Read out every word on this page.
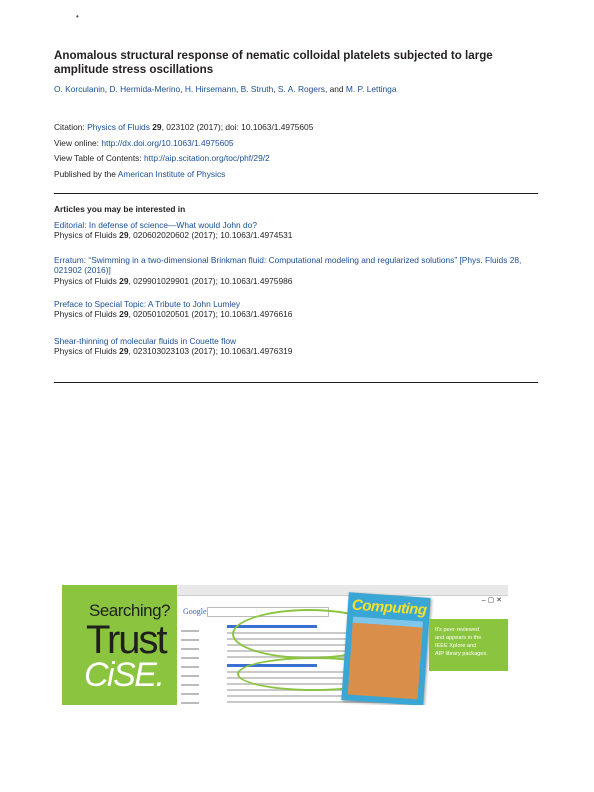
•
Anomalous structural response of nematic colloidal platelets subjected to large amplitude stress oscillations
O. Korculanin, D. Hermida-Merino, H. Hirsemann, B. Struth, S. A. Rogers, and M. P. Lettinga
Citation: Physics of Fluids 29, 023102 (2017); doi: 10.1063/1.4975605
View online: http://dx.doi.org/10.1063/1.4975605
View Table of Contents: http://aip.scitation.org/toc/phf/29/2
Published by the American Institute of Physics
Articles you may be interested in
Editorial: In defense of science—What would John do?
Physics of Fluids 29, 020602020602 (2017); 10.1063/1.4974531
Erratum: “Swimming in a two-dimensional Brinkman fluid: Computational modeling and regularized solutions” [Phys. Fluids 28, 021902 (2016)]
Physics of Fluids 29, 029901029901 (2017); 10.1063/1.4975986
Preface to Special Topic: A Tribute to John Lumley
Physics of Fluids 29, 020501020501 (2017); 10.1063/1.4976616
Shear-thinning of molecular fluids in Couette flow
Physics of Fluids 29, 023103023103 (2017); 10.1063/1.4976319
Searching?
Trust
CiSE.
– ▢ ✕
Google	Computing
It's peer-reviewed
and appears in the
IEEE Xplore and
AIP library packages.
